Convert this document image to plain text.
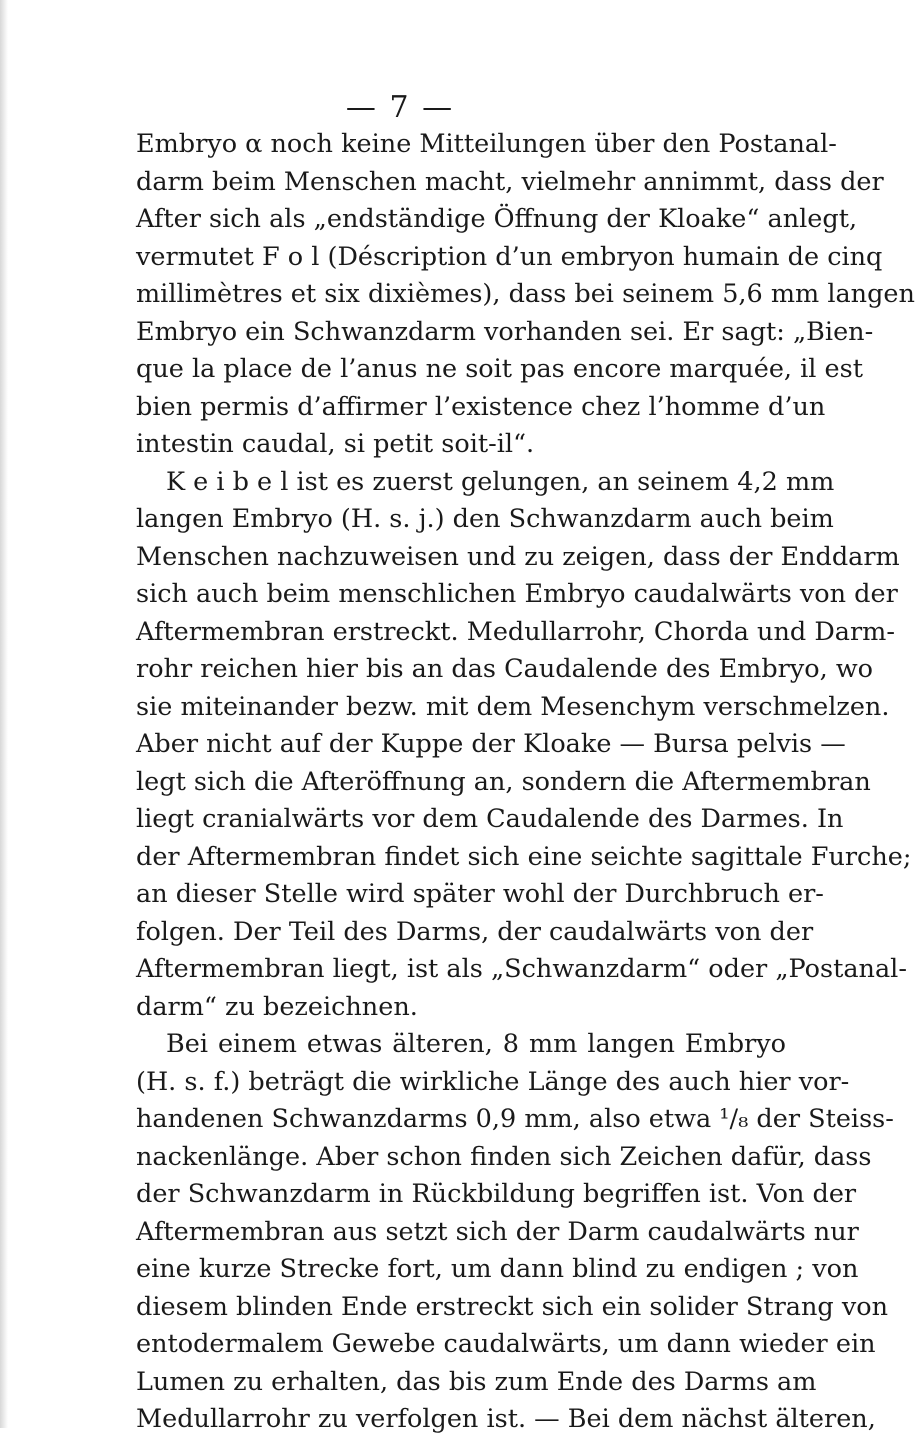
— 7 —
Embryo α noch keine Mitteilungen über den Postanal-
darm beim Menschen macht, vielmehr annimmt, dass der
After sich als „endständige Öffnung der Kloake“ anlegt,
vermutet F o l (Déscription d’un embryon humain de cinq
millimètres et six dixièmes), dass bei seinem 5,6 mm langen
Embryo ein Schwanzdarm vorhanden sei. Er sagt: „Bien-
que la place de l’anus ne soit pas encore marquée, il est
bien permis d’affirmer l’existence chez l’homme d’un
intestin caudal, si petit soit-il“.
K e i b e l ist es zuerst gelungen, an seinem 4,2 mm
langen Embryo (H. s. j.) den Schwanzdarm auch beim
Menschen nachzuweisen und zu zeigen, dass der Enddarm
sich auch beim menschlichen Embryo caudalwärts von der
Aftermembran erstreckt. Medullarrohr, Chorda und Darm-
rohr reichen hier bis an das Caudalende des Embryo, wo
sie miteinander bezw. mit dem Mesenchym verschmelzen.
Aber nicht auf der Kuppe der Kloake — Bursa pelvis —
legt sich die Afteröffnung an, sondern die Aftermembran
liegt cranialwärts vor dem Caudalende des Darmes. In
der Aftermembran findet sich eine seichte sagittale Furche;
an dieser Stelle wird später wohl der Durchbruch er-
folgen. Der Teil des Darms, der caudalwärts von der
Aftermembran liegt, ist als „Schwanzdarm“ oder „Postanal-
darm“ zu bezeichnen.
Bei einem etwas älteren, 8 mm langen Embryo
(H. s. f.) beträgt die wirkliche Länge des auch hier vor-
handenen Schwanzdarms 0,9 mm, also etwa ¹/₈ der Steiss-
nackenlänge. Aber schon finden sich Zeichen dafür, dass
der Schwanzdarm in Rückbildung begriffen ist. Von der
Aftermembran aus setzt sich der Darm caudalwärts nur
eine kurze Strecke fort, um dann blind zu endigen ; von
diesem blinden Ende erstreckt sich ein solider Strang von
entodermalem Gewebe caudalwärts, um dann wieder ein
Lumen zu erhalten, das bis zum Ende des Darms am
Medullarrohr zu verfolgen ist. — Bei dem nächst älteren,
